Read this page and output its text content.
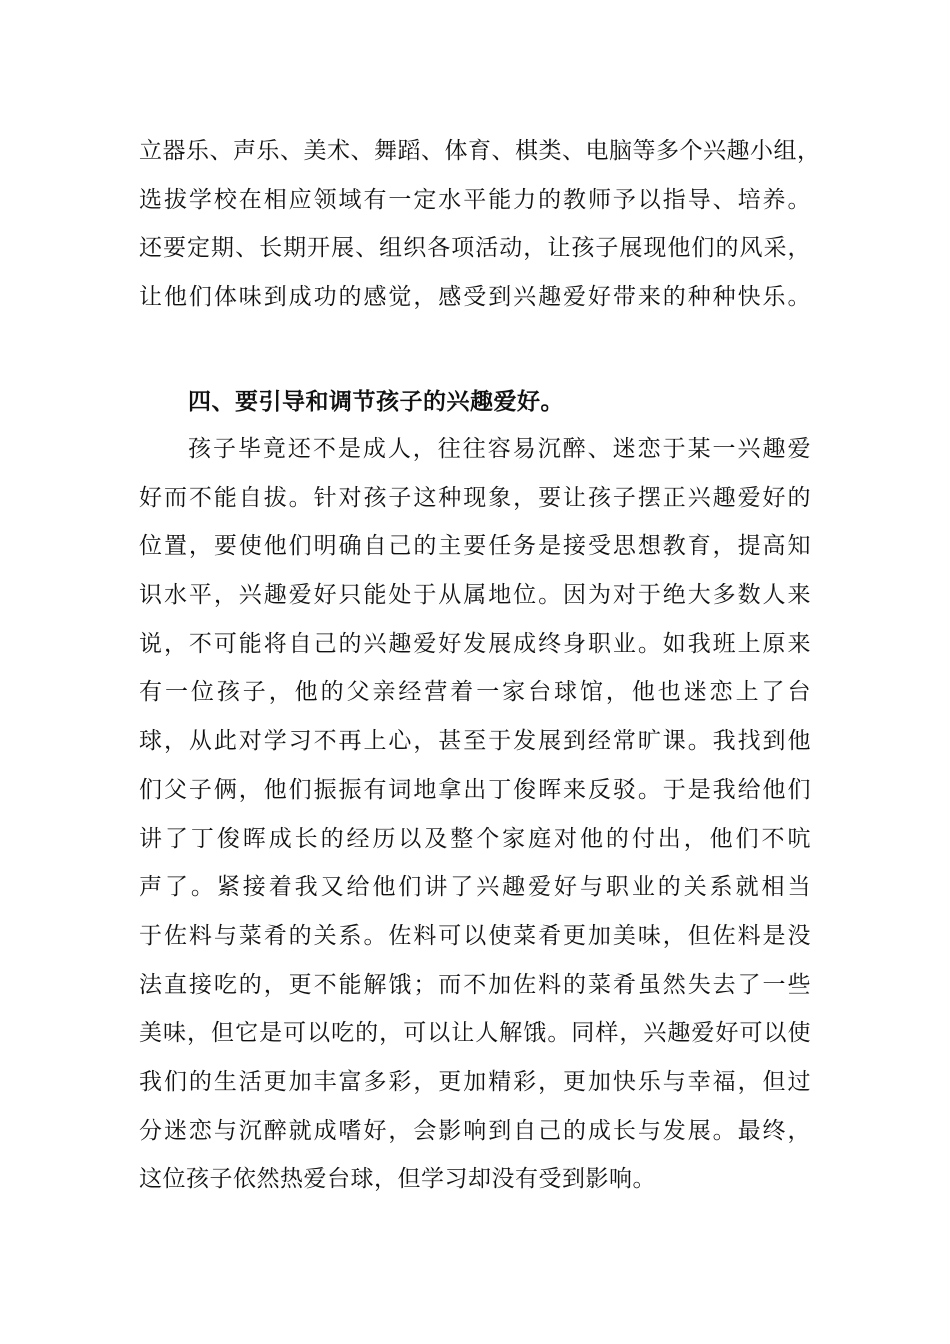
立器乐、声乐、美术、舞蹈、体育、棋类、电脑等多个兴趣小组，
选拔学校在相应领域有一定水平能力的教师予以指导、培养。
还要定期、长期开展、组织各项活动，让孩子展现他们的风采，
让他们体味到成功的感觉，感受到兴趣爱好带来的种种快乐。
四、要引导和调节孩子的兴趣爱好。
孩子毕竟还不是成人，往往容易沉醉、迷恋于某一兴趣爱
好而不能自拔。针对孩子这种现象，要让孩子摆正兴趣爱好的
位置，要使他们明确自己的主要任务是接受思想教育，提高知
识水平，兴趣爱好只能处于从属地位。因为对于绝大多数人来
说，不可能将自己的兴趣爱好发展成终身职业。如我班上原来
有一位孩子，他的父亲经营着一家台球馆，他也迷恋上了台
球，从此对学习不再上心，甚至于发展到经常旷课。我找到他
们父子俩，他们振振有词地拿出丁俊晖来反驳。于是我给他们
讲了丁俊晖成长的经历以及整个家庭对他的付出，他们不吭
声了。紧接着我又给他们讲了兴趣爱好与职业的关系就相当
于佐料与菜肴的关系。佐料可以使菜肴更加美味，但佐料是没
法直接吃的，更不能解饿；而不加佐料的菜肴虽然失去了一些
美味，但它是可以吃的，可以让人解饿。同样，兴趣爱好可以使
我们的生活更加丰富多彩，更加精彩，更加快乐与幸福，但过
分迷恋与沉醉就成嗜好，会影响到自己的成长与发展。最终，
这位孩子依然热爱台球，但学习却没有受到影响。
